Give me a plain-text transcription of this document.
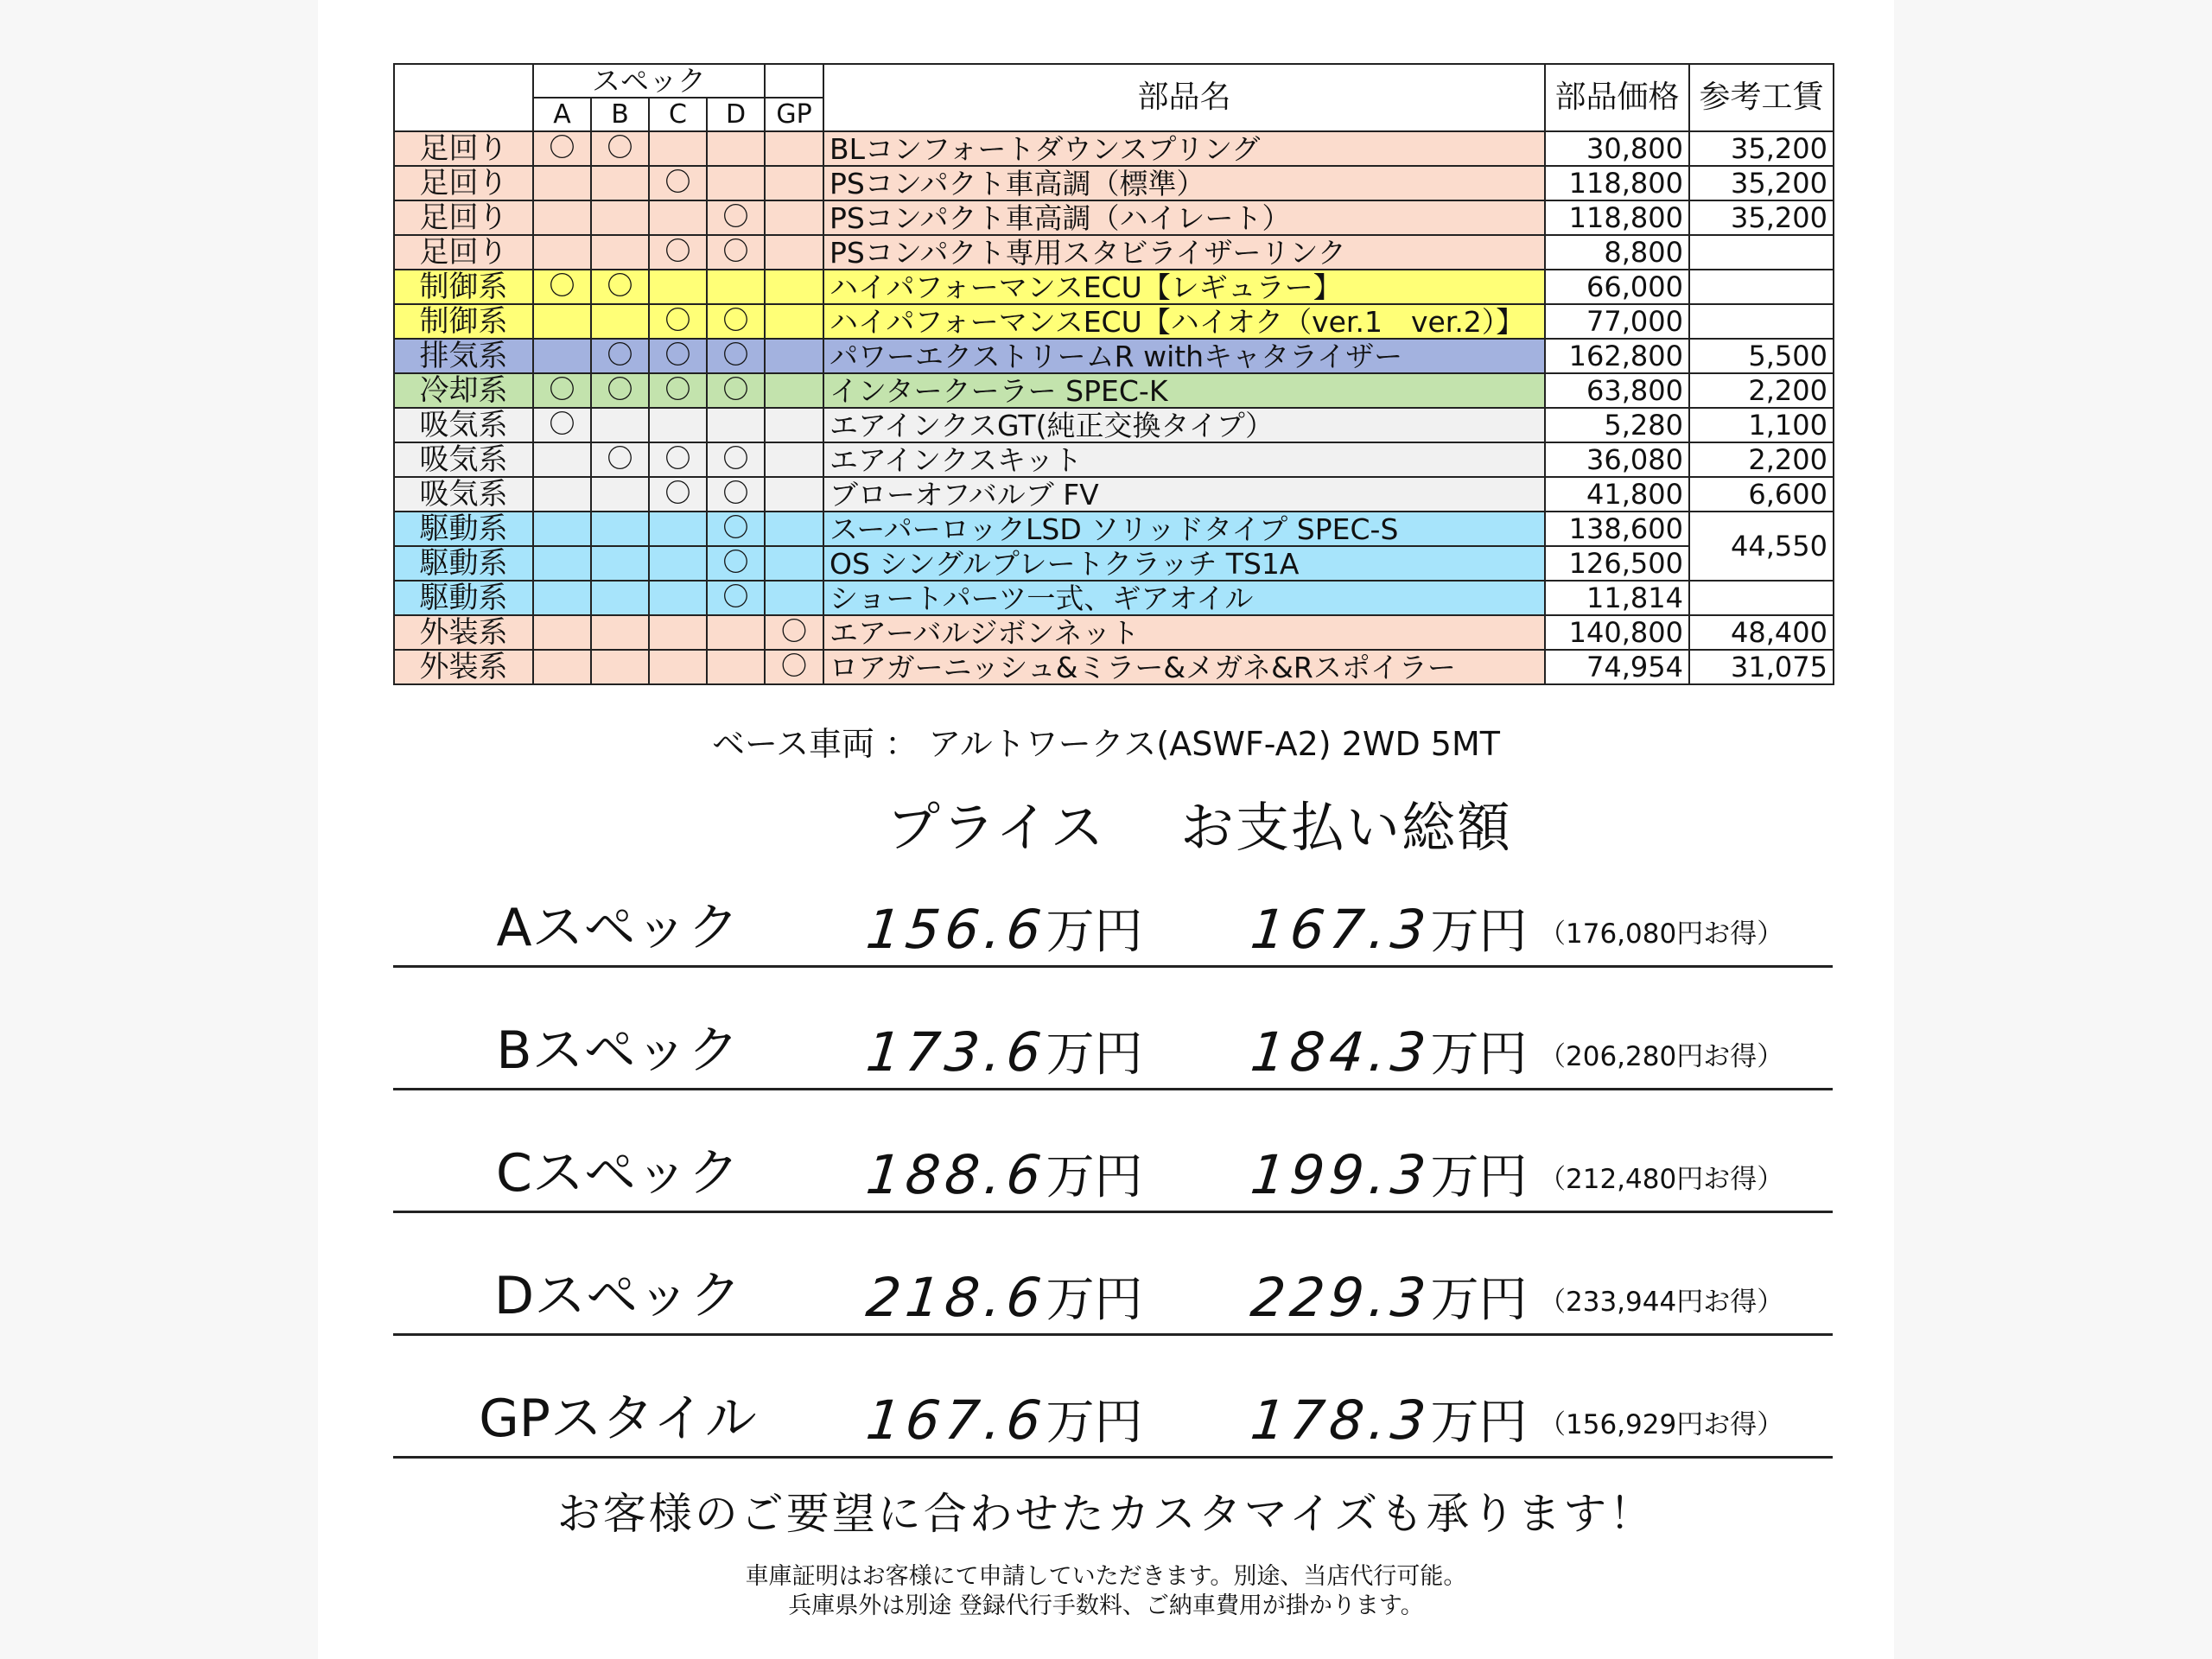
	スペック					部品名	部品価格	参考工賃
	A	B	C	D	GP			
足回り	〇	〇				BLコンフォートダウンスプリング	30,800	35,200
足回り			〇			PSコンパクト車高調（標準）	118,800	35,200
足回り				〇		PSコンパクト車高調（ハイレート）	118,800	35,200
足回り			〇	〇		PSコンパクト専用スタビライザーリンク	8,800	
制御系	〇	〇				ハイパフォーマンスECU【レギュラー】	66,000	
制御系			〇	〇		ハイパフォーマンスECU【ハイオク（ver.1　ver.2）】	77,000	
排気系		〇	〇	〇		パワーエクストリームR withキャタライザー	162,800	5,500
冷却系	〇	〇	〇	〇		インタークーラー SPEC-K	63,800	2,200
吸気系	〇					エアインクスGT(純正交換タイプ）	5,280	1,100
吸気系		〇	〇	〇		エアインクスキット	36,080	2,200
吸気系			〇	〇		ブローオフバルブ FV	41,800	6,600
駆動系				〇		スーパーロックLSD ソリッドタイプ SPEC-S	138,600	44,550
駆動系				〇		OS シングルプレートクラッチ TS1A	126,500	
駆動系				〇		ショートパーツ一式、ギアオイル	11,814	
外装系					〇	エアーバルジボンネット	140,800	48,400
外装系					〇	ロアガーニッシュ&ミラー&メガネ&Rスポイラー	74,954	31,075
ベース車両 ： アルトワークス(ASWF-A2) 2WD 5MT
プライス お支払い総額
Aスペック	156.6万円 167.3万円 （176,080円お得）
Bスペック	173.6万円 184.3万円 （206,280円お得）
Cスペック	188.6万円 199.3万円 （212,480円お得）
Dスペック	218.6万円 229.3万円 （233,944円お得）
GPスタイル	167.6万円 178.3万円 （156,929円お得）
お客様のご要望に合わせたカスタマイズも承ります！
車庫証明はお客様にて申請していただきます。別途、当店代行可能。
兵庫県外は別途 登録代行手数料、ご納車費用が掛かります。
